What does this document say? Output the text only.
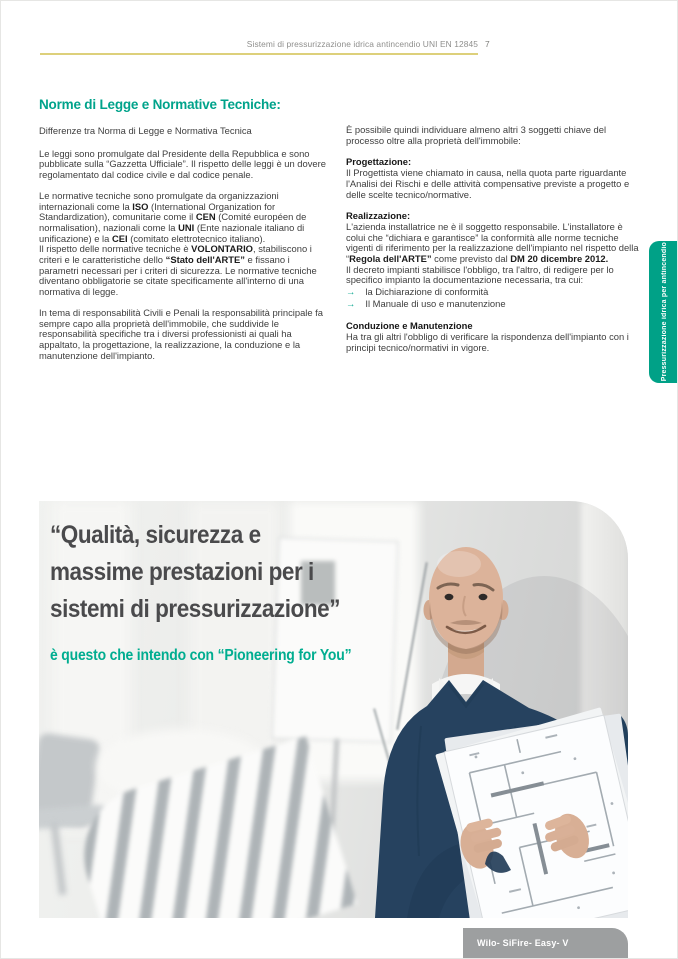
Sistemi di pressurizzazione idrica antincendio UNI EN 12845 7
Norme di Legge e Normative Tecniche:

Differenze tra Norma di Legge e Normativa Tecnica

Le leggi sono promulgate dal Presidente della Repubblica e sono pubblicate sulla “Gazzetta Ufficiale”. Il rispetto delle leggi è un dovere regolamentato dal codice civile e dal codice penale.

Le normative tecniche sono promulgate da organizzazioni internazionali come la ISO (International Organization for Standardization), comunitarie come il CEN (Comité européen de normalisation), nazionali come la UNI (Ente nazionale italiano di unificazione) e la CEI (comitato elettrotecnico italiano).
Il rispetto delle normative tecniche è VOLONTARIO, stabiliscono i criteri e le caratteristiche dello “Stato dell'ARTE” e fissano i parametri necessari per i criteri di sicurezza. Le normative tecniche diventano obbligatorie se citate specificamente all'interno di una normativa di legge.

In tema di responsabilità Civili e Penali la responsabilità principale fa sempre capo alla proprietà dell'immobile, che suddivide le responsabilità specifiche tra i diversi professionisti ai quali ha appaltato, la progettazione, la realizzazione, la conduzione e la manutenzione dell'impianto.

È possibile quindi individuare almeno altri 3 soggetti chiave del processo oltre alla proprietà dell'immobile:

Progettazione:

Il Progettista viene chiamato in causa, nella quota parte riguardante l'Analisi dei Rischi e delle attività compensative previste a progetto e delle scelte tecnico/normative.

Realizzazione:

L'azienda installatrice ne è il soggetto responsabile. L'installatore è colui che “dichiara e garantisce” la conformità alle norme tecniche vigenti di riferimento per la realizzazione dell'impianto nel rispetto della “Regola dell'ARTE” come previsto dal DM 20 dicembre 2012.

Il decreto impianti stabilisce l'obbligo, tra l'altro, di redigere per lo specifico impianto la documentazione necessaria, tra cui:

→ la Dichiarazione di conformità
→ Il Manuale di uso e manutenzione
Conduzione e Manutenzione

Ha tra gli altri l'obbligo di verificare la rispondenza dell'impianto con i principi tecnico/normativi in vigore.	Pressurizzazione idrica per antincendio
“Qualità, sicurezza e
massime prestazioni per i
sistemi di pressurizzazione”
è questo che intendo con “Pioneering for You”
Wilo- SiFire- Easy- V
